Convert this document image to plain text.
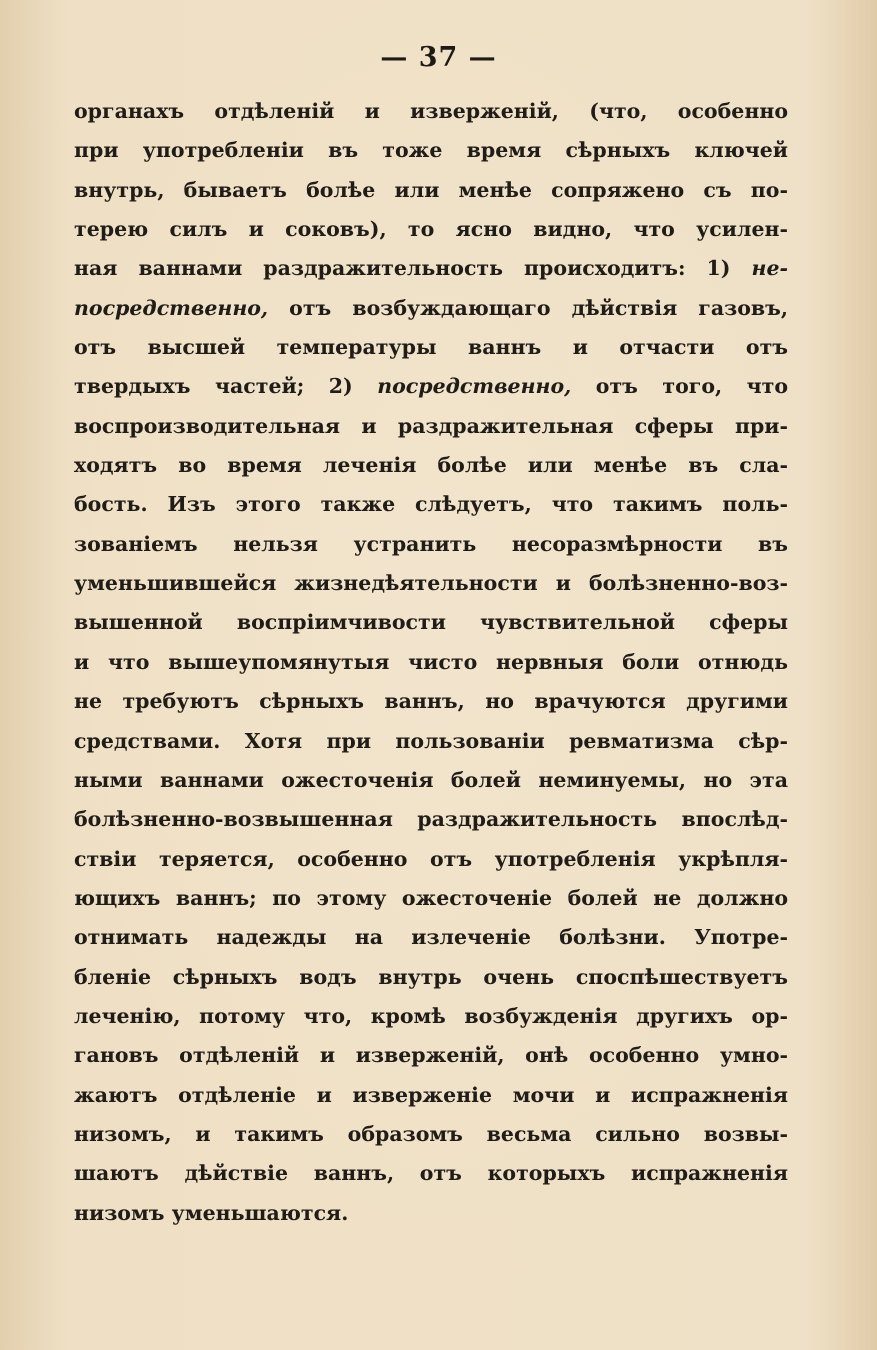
— 37 —
органахъ отдѣленій и изверженій, (что, особенно
при употребленіи въ тоже время сѣрныхъ ключей
внутрь, бываетъ болѣе или менѣе сопряжено съ по-
терею силъ и соковъ), то ясно видно, что усилен-
ная ваннами раздражительность происходитъ: 1) не-
посредственно, отъ возбуждающаго дѣйствія газовъ,
отъ высшей температуры ваннъ и отчасти отъ
твердыхъ частей; 2) посредственно, отъ того, что
воспроизводительная и раздражительная сферы при-
ходятъ во время леченія болѣе или менѣе въ сла-
бость. Изъ этого также слѣдуетъ, что такимъ поль-
зованіемъ нельзя устранить несоразмѣрности въ
уменьшившейся жизнедѣятельности и болѣзненно-воз-
вышенной воспріимчивости чувствительной сферы
и что вышеупомянутыя чисто нервныя боли отнюдь
не требуютъ сѣрныхъ ваннъ, но врачуются другими
средствами. Хотя при пользованіи ревматизма сѣр-
ными ваннами ожесточенія болей неминуемы, но эта
болѣзненно-возвышенная раздражительность впослѣд-
ствіи теряется, особенно отъ употребленія укрѣпля-
ющихъ ваннъ; по этому ожесточеніе болей не должно
отнимать надежды на излеченіе болѣзни. Употре-
бленіе сѣрныхъ водъ внутрь очень споспѣшествуетъ
леченію, потому что, кромѣ возбужденія другихъ ор-
гановъ отдѣленій и изверженій, онѣ особенно умно-
жаютъ отдѣленіе и изверженіе мочи и испражненія
низомъ, и такимъ образомъ весьма сильно возвы-
шаютъ дѣйствіе ваннъ, отъ которыхъ испражненія
низомъ уменьшаются.
